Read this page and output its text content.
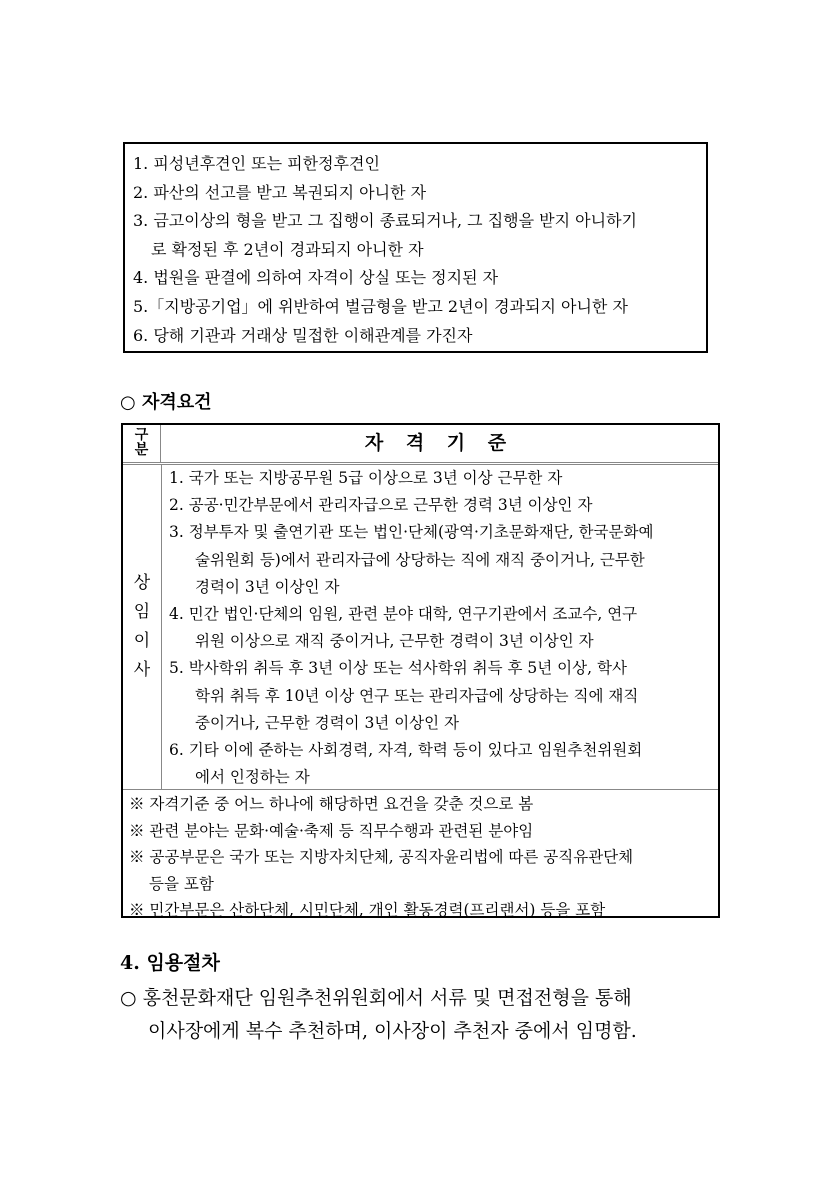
1. 피성년후견인 또는 피한정후견인
2. 파산의 선고를 받고 복권되지 아니한 자
3. 금고이상의 형을 받고 그 집행이 종료되거나, 그 집행을 받지 아니하기
로 확정된 후 2년이 경과되지 아니한 자
4. 법원을 판결에 의하여 자격이 상실 또는 정지된 자
5.「지방공기업」에 위반하여 벌금형을 받고 2년이 경과되지 아니한 자
6. 당해 기관과 거래상 밀접한 이해관계를 가진자
○ 자격요건
구
분	자 격 기 준
상
임
이
사
1. 국가 또는 지방공무원 5급 이상으로 3년 이상 근무한 자
2. 공공·민간부문에서 관리자급으로 근무한 경력 3년 이상인 자
3. 정부투자 및 출연기관 또는 법인·단체(광역·기초문화재단, 한국문화예
술위원회 등)에서 관리자급에 상당하는 직에 재직 중이거나, 근무한
경력이 3년 이상인 자
4. 민간 법인·단체의 임원, 관련 분야 대학, 연구기관에서 조교수, 연구
위원 이상으로 재직 중이거나, 근무한 경력이 3년 이상인 자
5. 박사학위 취득 후 3년 이상 또는 석사학위 취득 후 5년 이상, 학사
학위 취득 후 10년 이상 연구 또는 관리자급에 상당하는 직에 재직
중이거나, 근무한 경력이 3년 이상인 자
6. 기타 이에 준하는 사회경력, 자격, 학력 등이 있다고 임원추천위원회
에서 인정하는 자
※ 자격기준 중 어느 하나에 해당하면 요건을 갖춘 것으로 봄
※ 관련 분야는 문화·예술·축제 등 직무수행과 관련된 분야임
※ 공공부문은 국가 또는 지방자치단체, 공직자윤리법에 따른 공직유관단체
등을 포함
※ 민간부문은 산하단체, 시민단체, 개인 활동경력(프리랜서) 등을 포함
4. 임용절차
○ 홍천문화재단 임원추천위원회에서 서류 및 면접전형을 통해
이사장에게 복수 추천하며, 이사장이 추천자 중에서 임명함.
